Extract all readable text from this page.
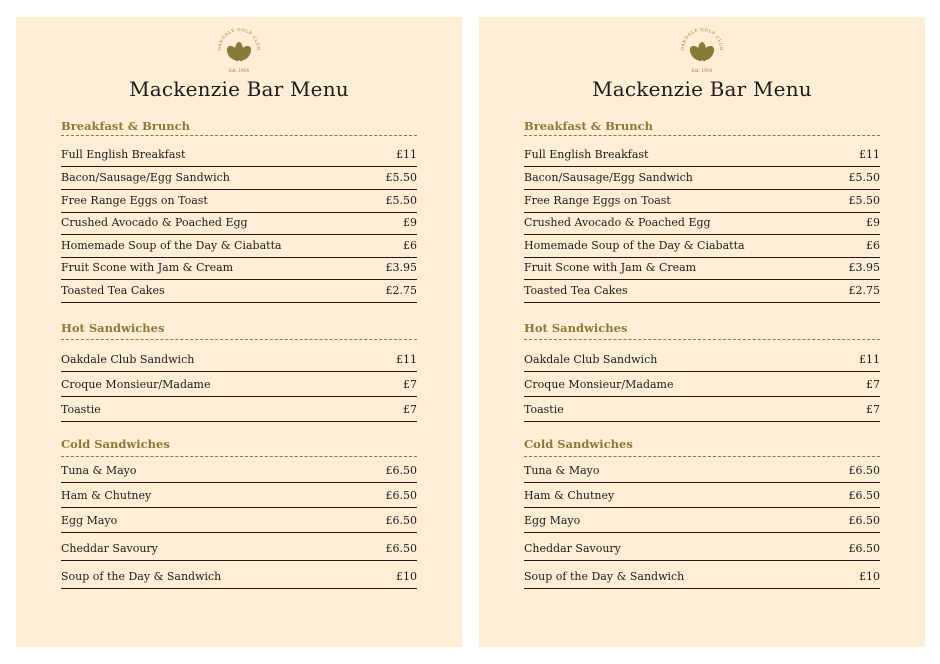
OAKDALE GOLF CLUB
Est. 1914
Mackenzie Bar Menu
Breakfast & Brunch
Full English Breakfast	£11
Bacon/Sausage/Egg Sandwich	£5.50
Free Range Eggs on Toast	£5.50
Crushed Avocado & Poached Egg	£9
Homemade Soup of the Day & Ciabatta	£6
Fruit Scone with Jam & Cream	£3.95
Toasted Tea Cakes	£2.75
Hot Sandwiches
Oakdale Club Sandwich	£11
Croque Monsieur/Madame	£7
Toastie	£7
Cold Sandwiches
Tuna & Mayo	£6.50
Ham & Chutney	£6.50
Egg Mayo	£6.50
Cheddar Savoury	£6.50
Soup of the Day & Sandwich	£10
OAKDALE GOLF CLUB
Est. 1914
Mackenzie Bar Menu
Breakfast & Brunch
Full English Breakfast	£11
Bacon/Sausage/Egg Sandwich	£5.50
Free Range Eggs on Toast	£5.50
Crushed Avocado & Poached Egg	£9
Homemade Soup of the Day & Ciabatta	£6
Fruit Scone with Jam & Cream	£3.95
Toasted Tea Cakes	£2.75
Hot Sandwiches
Oakdale Club Sandwich	£11
Croque Monsieur/Madame	£7
Toastie	£7
Cold Sandwiches
Tuna & Mayo	£6.50
Ham & Chutney	£6.50
Egg Mayo	£6.50
Cheddar Savoury	£6.50
Soup of the Day & Sandwich	£10
